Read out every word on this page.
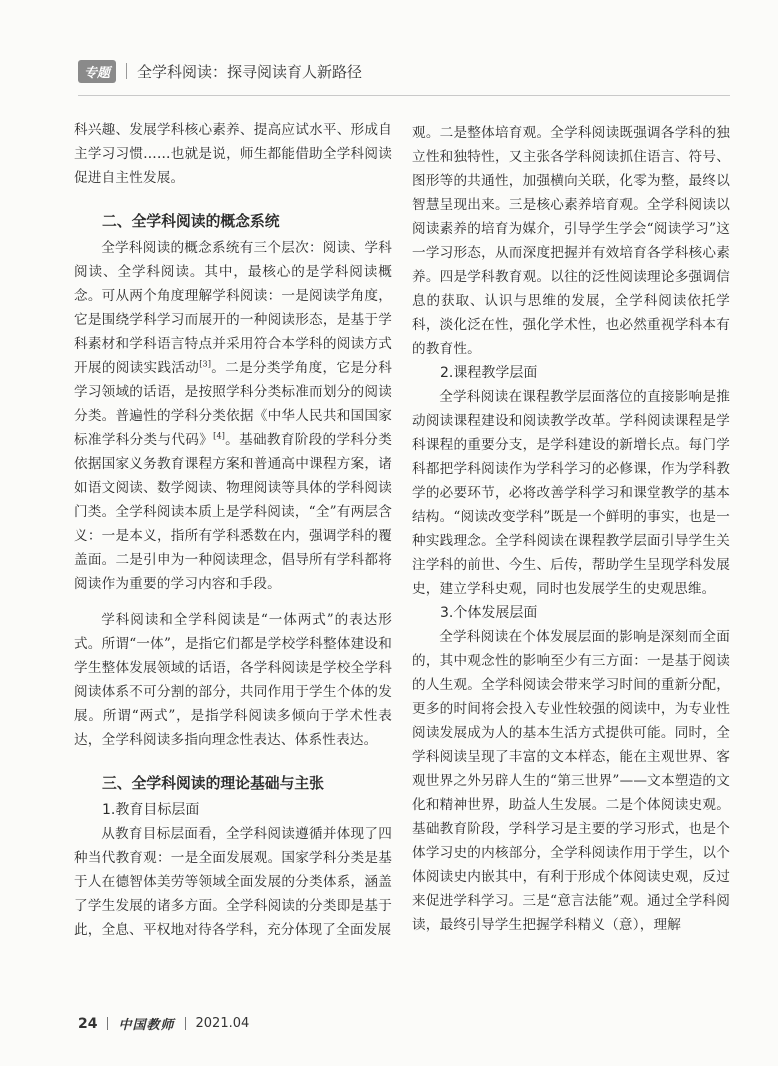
专题	全学科阅读：探寻阅读育人新路径

科兴趣、发展学科核心素养、提高应试水平、形成自主学习习惯……也就是说，师生都能借助全学科阅读促进自主性发展。

二、全学科阅读的概念系统

全学科阅读的概念系统有三个层次：阅读、学科阅读、全学科阅读。其中，最核心的是学科阅读概念。可从两个角度理解学科阅读：一是阅读学角度，它是围绕学科学习而展开的一种阅读形态，是基于学科素材和学科语言特点并采用符合本学科的阅读方式开展的阅读实践活动[3]。二是分类学角度，它是分科学习领域的话语，是按照学科分类标准而划分的阅读分类。普遍性的学科分类依据《中华人民共和国国家标准学科分类与代码》[4]。基础教育阶段的学科分类依据国家义务教育课程方案和普通高中课程方案，诸如语文阅读、数学阅读、物理阅读等具体的学科阅读门类。全学科阅读本质上是学科阅读，“全”有两层含义：一是本义，指所有学科悉数在内，强调学科的覆盖面。二是引申为一种阅读理念，倡导所有学科都将阅读作为重要的学习内容和手段。

学科阅读和全学科阅读是“一体两式”的表达形式。所谓“一体”，是指它们都是学校学科整体建设和学生整体发展领域的话语，各学科阅读是学校全学科阅读体系不可分割的部分，共同作用于学生个体的发展。所谓“两式”，是指学科阅读多倾向于学术性表达，全学科阅读多指向理念性表达、体系性表达。

三、全学科阅读的理论基础与主张
1.教育目标层面

从教育目标层面看，全学科阅读遵循并体现了四种当代教育观：一是全面发展观。国家学科分类是基于人在德智体美劳等领域全面发展的分类体系，涵盖了学生发展的诸多方面。全学科阅读的分类即是基于此，全息、平权地对待各学科，充分体现了全面发展

观。二是整体培育观。全学科阅读既强调各学科的独立性和独特性，又主张各学科阅读抓住语言、符号、图形等的共通性，加强横向关联，化零为整，最终以智慧呈现出来。三是核心素养培育观。全学科阅读以阅读素养的培育为媒介，引导学生学会“阅读学习”这一学习形态，从而深度把握并有效培育各学科核心素养。四是学科教育观。以往的泛性阅读理论多强调信息的获取、认识与思维的发展，全学科阅读依托学科，淡化泛在性，强化学术性，也必然重视学科本有的教育性。

2.课程教学层面

全学科阅读在课程教学层面落位的直接影响是推动阅读课程建设和阅读教学改革。学科阅读课程是学科课程的重要分支，是学科建设的新增长点。每门学科都把学科阅读作为学科学习的必修课，作为学科教学的必要环节，必将改善学科学习和课堂教学的基本结构。“阅读改变学科”既是一个鲜明的事实，也是一种实践理念。全学科阅读在课程教学层面引导学生关注学科的前世、今生、后传，帮助学生呈现学科发展史，建立学科史观，同时也发展学生的史观思维。

3.个体发展层面

全学科阅读在个体发展层面的影响是深刻而全面的，其中观念性的影响至少有三方面：一是基于阅读的人生观。全学科阅读会带来学习时间的重新分配，更多的时间将会投入专业性较强的阅读中，为专业性阅读发展成为人的基本生活方式提供可能。同时，全学科阅读呈现了丰富的文本样态，能在主观世界、客观世界之外另辟人生的“第三世界”——文本塑造的文化和精神世界，助益人生发展。二是个体阅读史观。基础教育阶段，学科学习是主要的学习形式，也是个体学习史的内核部分，全学科阅读作用于学生，以个体阅读史内嵌其中，有利于形成个体阅读史观，反过来促进学科学习。三是“意言法能”观。通过全学科阅读，最终引导学生把握学科精义（意），理解

24 中国教师 2021.04
